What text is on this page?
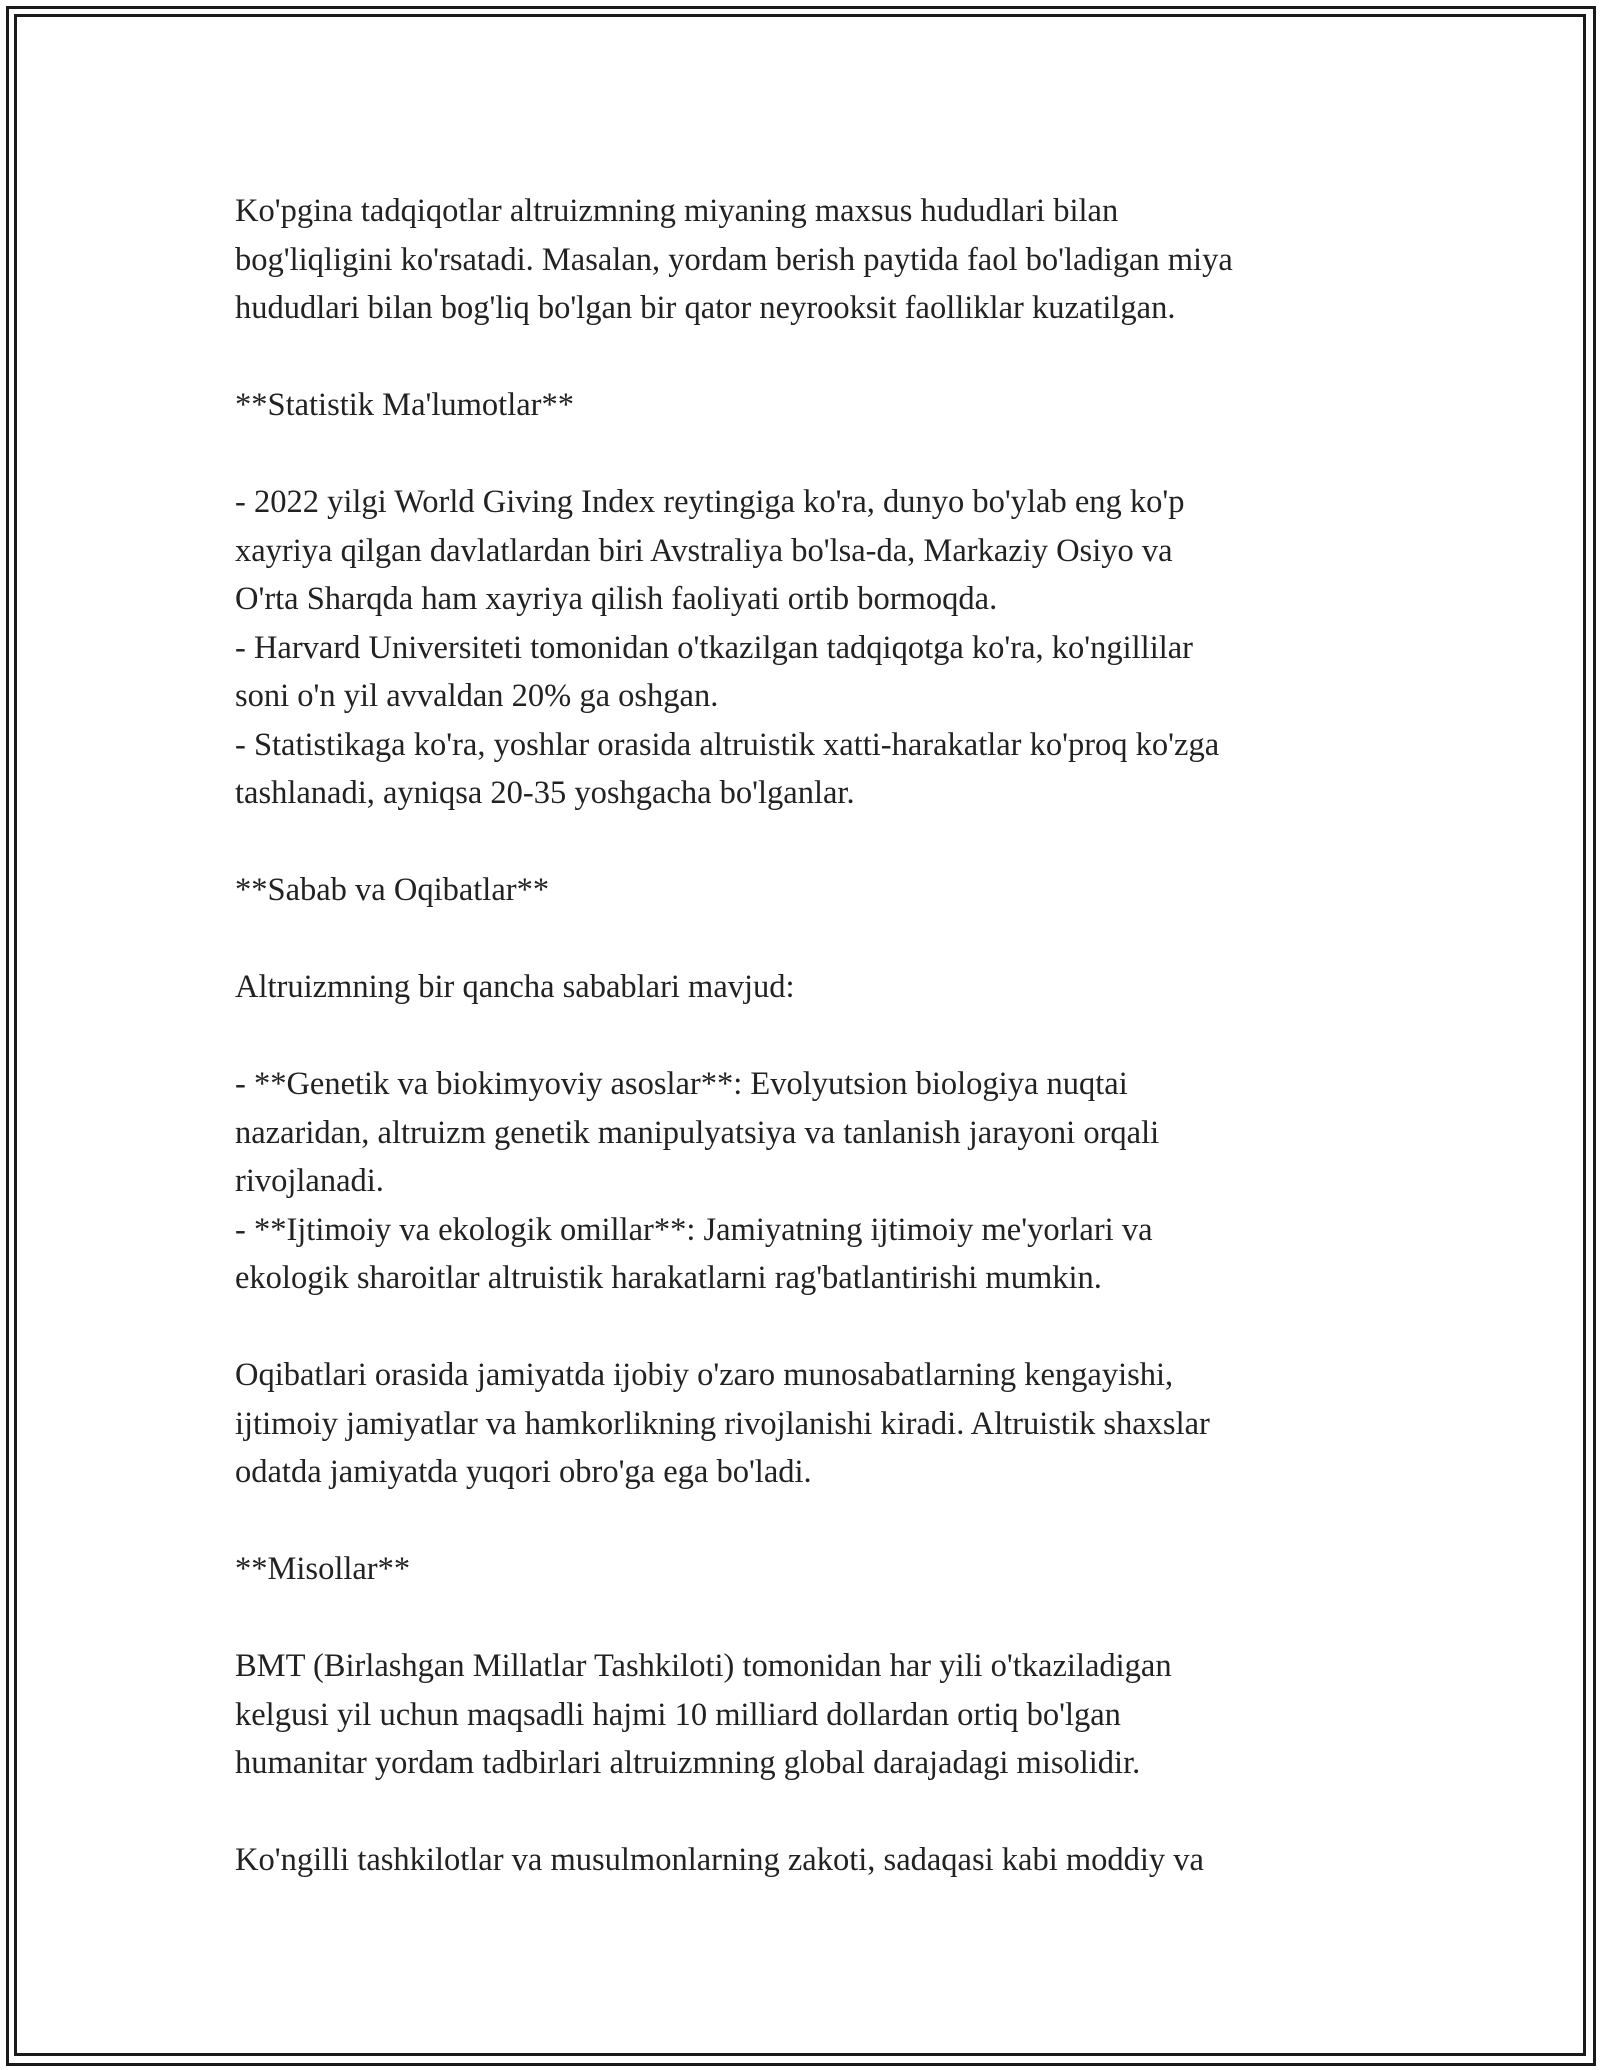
Ko'pgina tadqiqotlar altruizmning miyaning maxsus hududlari bilan
bog'liqligini ko'rsatadi. Masalan, yordam berish paytida faol bo'ladigan miya
hududlari bilan bog'liq bo'lgan bir qator neyrooksit faolliklar kuzatilgan.
**Statistik Ma'lumotlar**
- 2022 yilgi World Giving Index reytingiga ko'ra, dunyo bo'ylab eng ko'p
xayriya qilgan davlatlardan biri Avstraliya bo'lsa-da, Markaziy Osiyo va
O'rta Sharqda ham xayriya qilish faoliyati ortib bormoqda.
- Harvard Universiteti tomonidan o'tkazilgan tadqiqotga ko'ra, ko'ngillilar
soni o'n yil avvaldan 20% ga oshgan.
- Statistikaga ko'ra, yoshlar orasida altruistik xatti-harakatlar ko'proq ko'zga
tashlanadi, ayniqsa 20-35 yoshgacha bo'lganlar.
**Sabab va Oqibatlar**
Altruizmning bir qancha sabablari mavjud:
- **Genetik va biokimyoviy asoslar**: Evolyutsion biologiya nuqtai
nazaridan, altruizm genetik manipulyatsiya va tanlanish jarayoni orqali
rivojlanadi.
- **Ijtimoiy va ekologik omillar**: Jamiyatning ijtimoiy me'yorlari va
ekologik sharoitlar altruistik harakatlarni rag'batlantirishi mumkin.
Oqibatlari orasida jamiyatda ijobiy o'zaro munosabatlarning kengayishi,
ijtimoiy jamiyatlar va hamkorlikning rivojlanishi kiradi. Altruistik shaxslar
odatda jamiyatda yuqori obro'ga ega bo'ladi.
**Misollar**
BMT (Birlashgan Millatlar Tashkiloti) tomonidan har yili o'tkaziladigan
kelgusi yil uchun maqsadli hajmi 10 milliard dollardan ortiq bo'lgan
humanitar yordam tadbirlari altruizmning global darajadagi misolidir.
Ko'ngilli tashkilotlar va musulmonlarning zakoti, sadaqasi kabi moddiy va
